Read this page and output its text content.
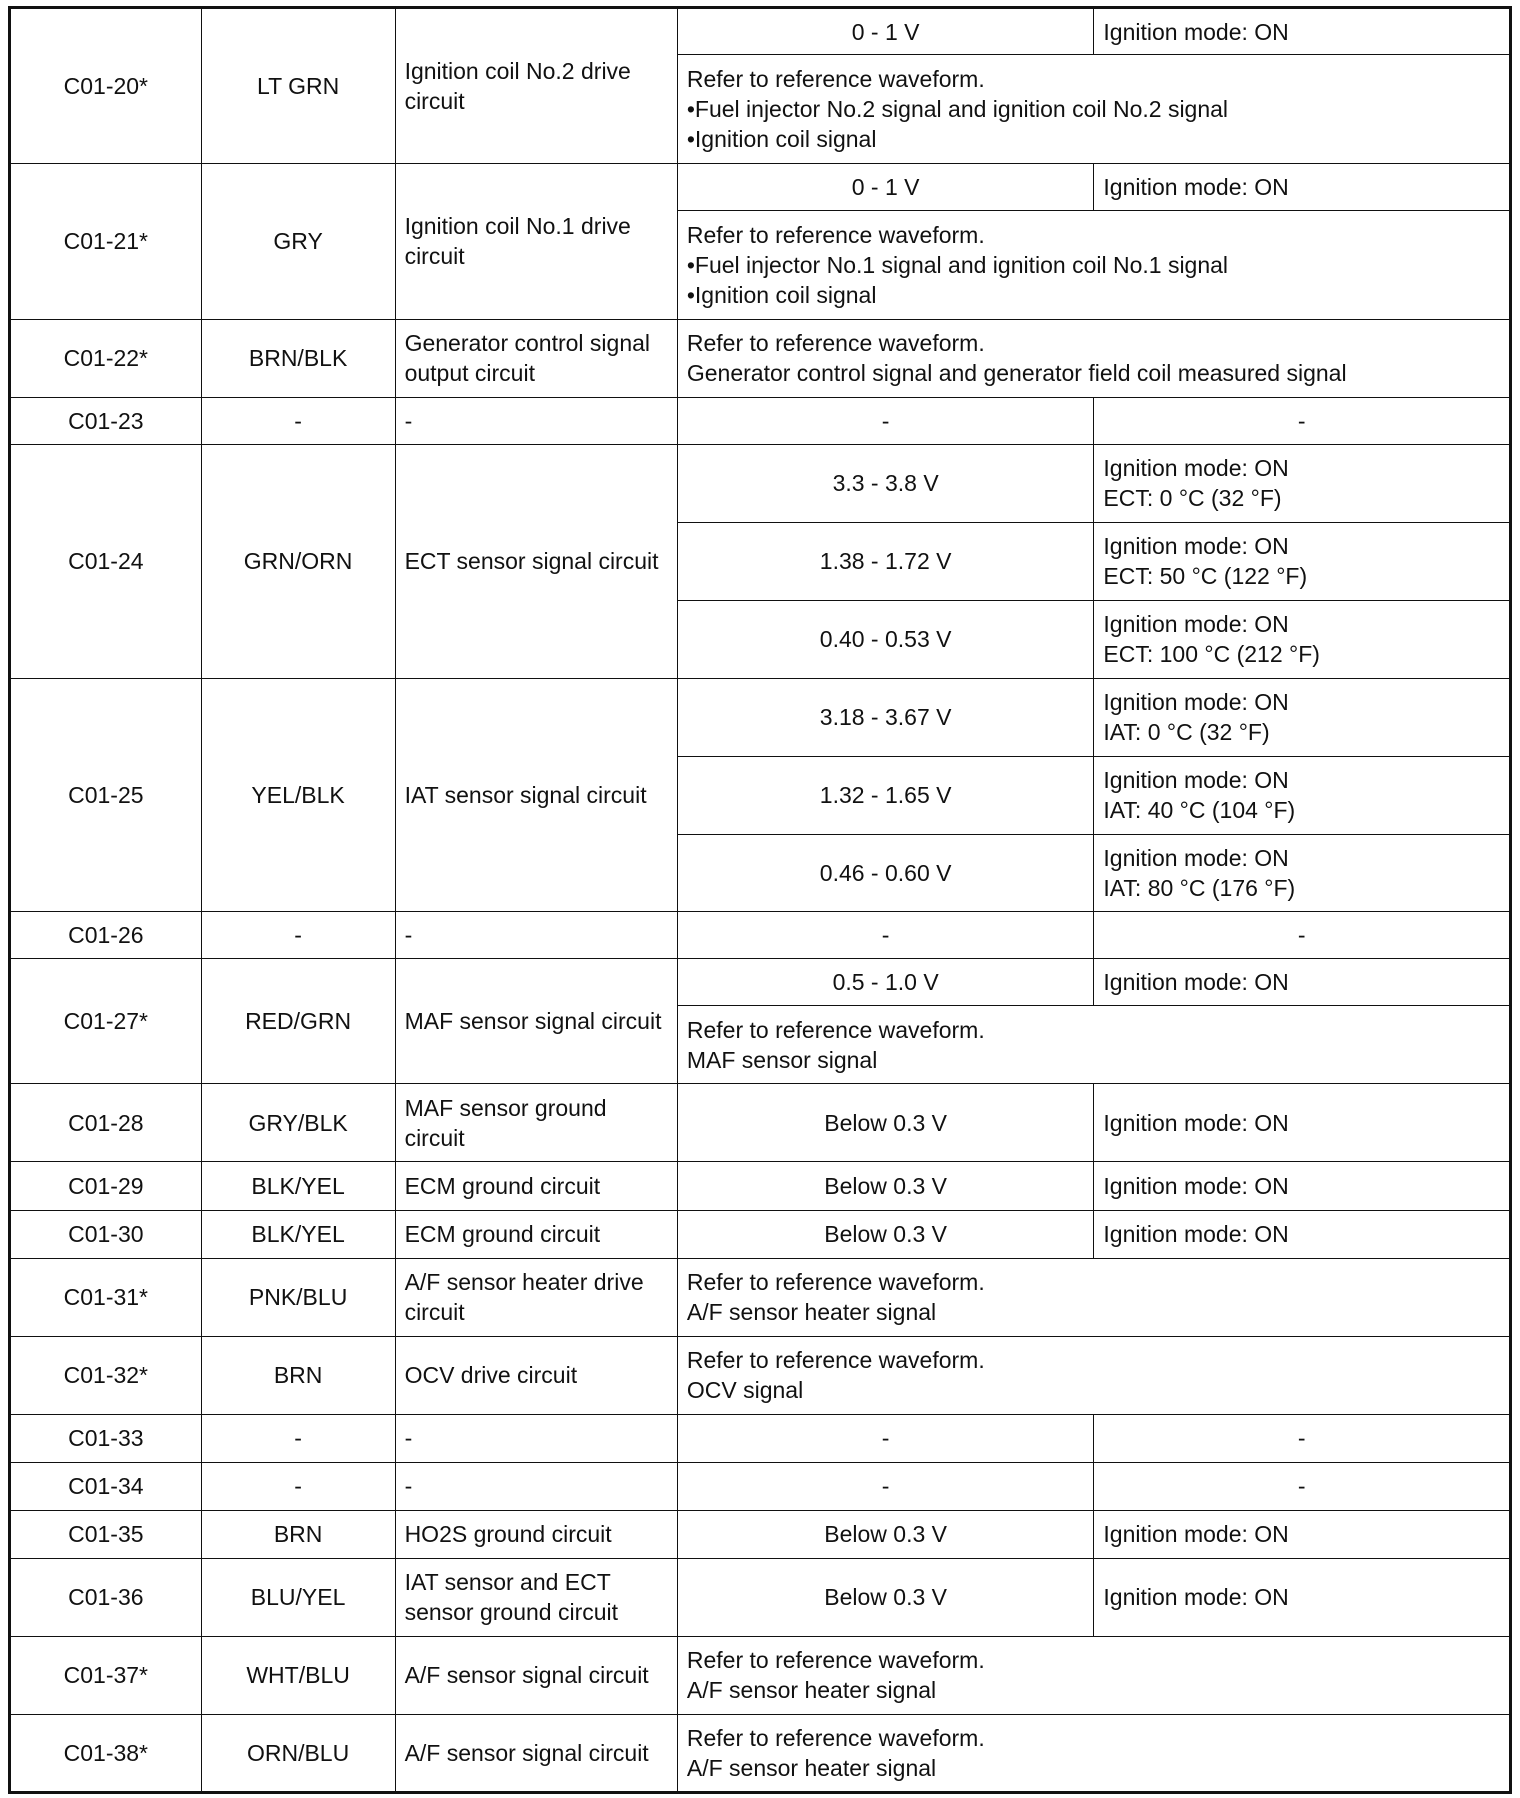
C01-20*	LT GRN	Ignition coil No.2 drive circuit	0 - 1 V	Ignition mode: ON

			Refer to reference waveform.
•Fuel injector No.2 signal and ignition coil No.2 signal
•Ignition coil signal	

C01-21*	GRY	Ignition coil No.1 drive circuit	0 - 1 V	Ignition mode: ON

			Refer to reference waveform.
•Fuel injector No.1 signal and ignition coil No.1 signal
•Ignition coil signal	

C01-22*	BRN/BLK	Generator control signal output circuit	Refer to reference waveform.
Generator control signal and generator field coil measured signal	

C01-23	-	-	-	-
C01-24	GRN/ORN	ECT sensor signal circuit	3.3 - 3.8 V	Ignition mode: ON
ECT: 0 °C (32 °F)
			1.38 - 1.72 V	Ignition mode: ON
ECT: 50 °C (122 °F)
			0.40 - 0.53 V	Ignition mode: ON
ECT: 100 °C (212 °F)
C01-25	YEL/BLK	IAT sensor signal circuit	3.18 - 3.67 V	Ignition mode: ON
IAT: 0 °C (32 °F)
			1.32 - 1.65 V	Ignition mode: ON
IAT: 40 °C (104 °F)
			0.46 - 0.60 V	Ignition mode: ON
IAT: 80 °C (176 °F)
C01-26	-	-	-	-
C01-27*	RED/GRN	MAF sensor signal circuit	0.5 - 1.0 V	Ignition mode: ON

			Refer to reference waveform.
MAF sensor signal	

C01-28	GRY/BLK	MAF sensor ground circuit	Below 0.3 V	Ignition mode: ON
C01-29	BLK/YEL	ECM ground circuit	Below 0.3 V	Ignition mode: ON
C01-30	BLK/YEL	ECM ground circuit	Below 0.3 V	Ignition mode: ON
C01-31*	PNK/BLU	A/F sensor heater drive circuit	Refer to reference waveform.
A/F sensor heater signal	

C01-32*	BRN	OCV drive circuit	Refer to reference waveform.
OCV signal	

C01-33	-	-	-	-
C01-34	-	-	-	-
C01-35	BRN	HO2S ground circuit	Below 0.3 V	Ignition mode: ON
C01-36	BLU/YEL	IAT sensor and ECT sensor ground circuit	Below 0.3 V	Ignition mode: ON
C01-37*	WHT/BLU	A/F sensor signal circuit	Refer to reference waveform.
A/F sensor heater signal	

C01-38*	ORN/BLU	A/F sensor signal circuit	Refer to reference waveform.
A/F sensor heater signal	
